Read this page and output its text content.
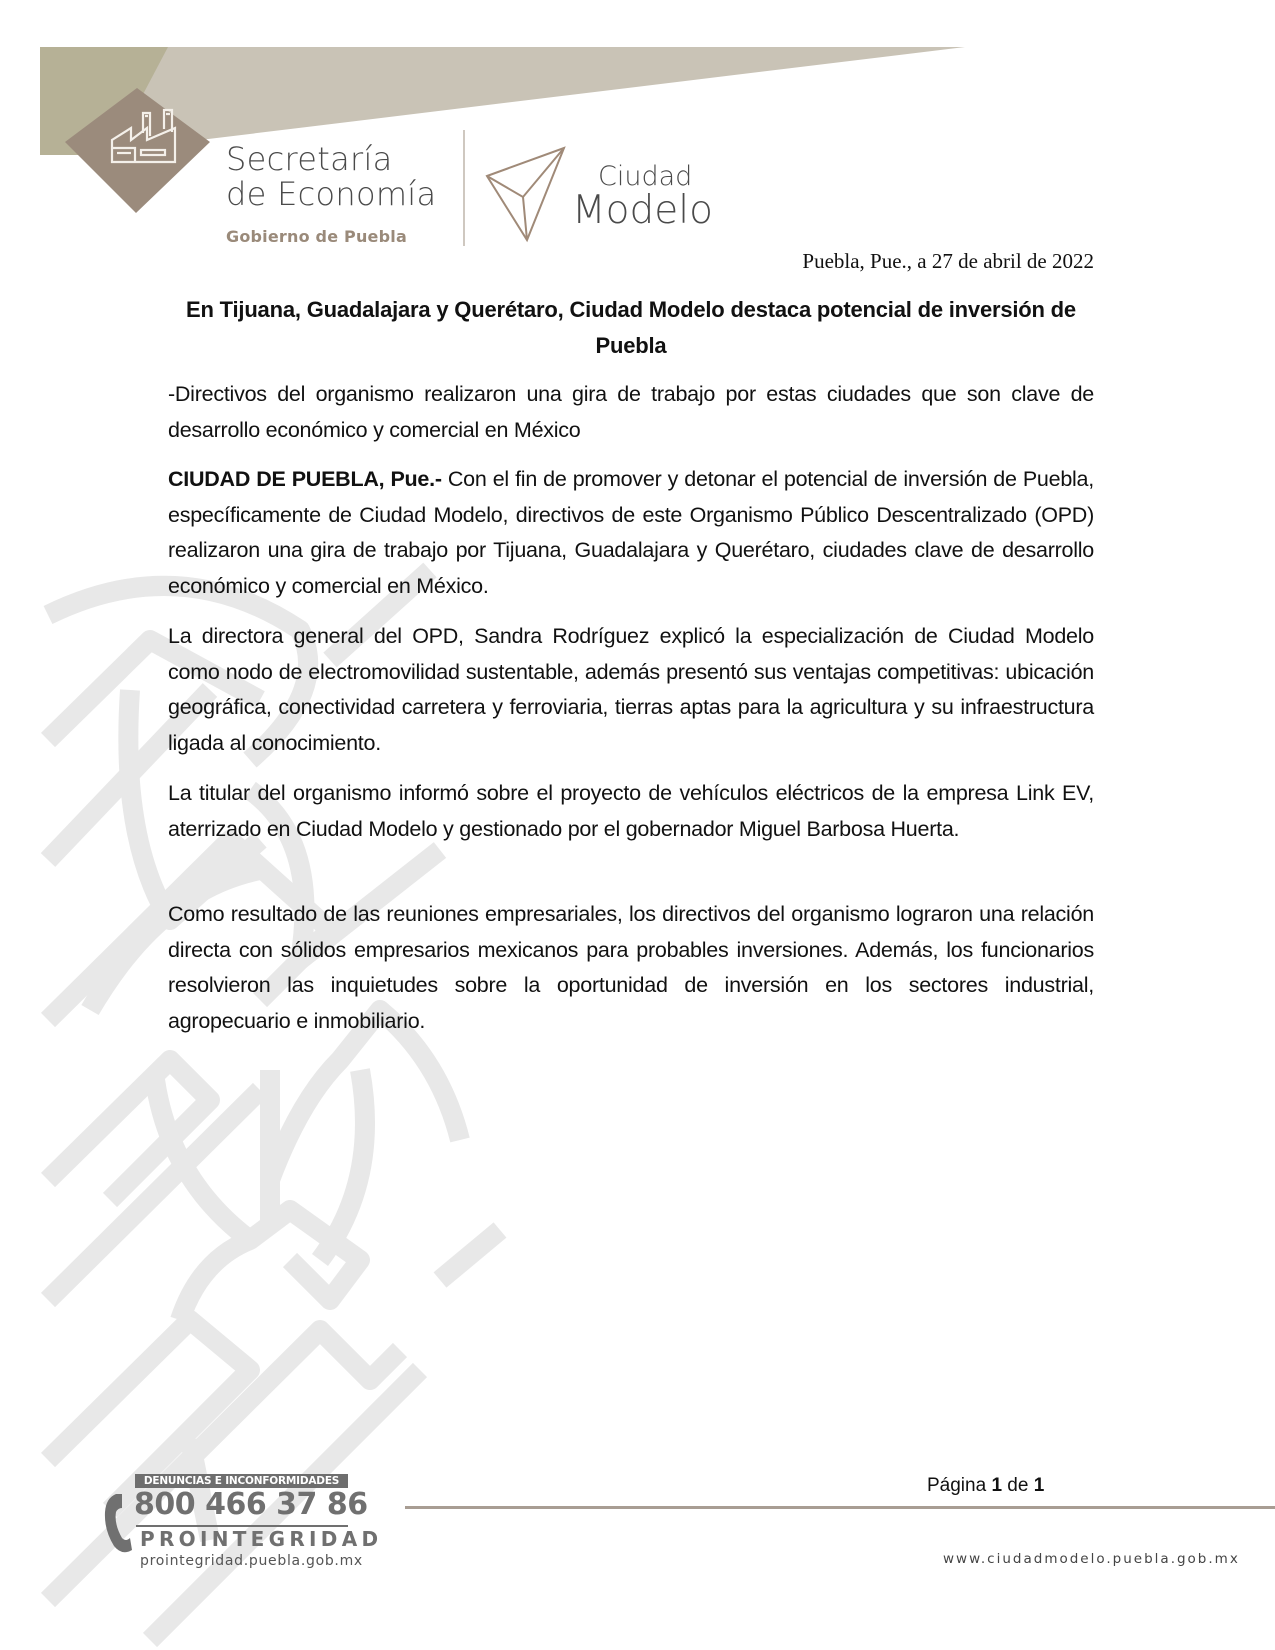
Secretaría
de Economía
Gobierno de Puebla
Ciudad
Modelo
Puebla, Pue., a 27 de abril de 2022
En Tijuana, Guadalajara y Querétaro, Ciudad Modelo destaca potencial de inversión de Puebla
-Directivos del organismo realizaron una gira de trabajo por estas ciudades que son clave de desarrollo económico y comercial en México
CIUDAD DE PUEBLA, Pue.- Con el fin de promover y detonar el potencial de inversión de Puebla, específicamente de Ciudad Modelo, directivos de este Organismo Público Descentralizado (OPD) realizaron una gira de trabajo por Tijuana, Guadalajara y Querétaro, ciudades clave de desarrollo económico y comercial en México.
La directora general del OPD, Sandra Rodríguez explicó la especialización de Ciudad Modelo como nodo de electromovilidad sustentable, además presentó sus ventajas competitivas: ubicación geográfica, conectividad carretera y ferroviaria, tierras aptas para la agricultura y su infraestructura ligada al conocimiento.
La titular del organismo informó sobre el proyecto de vehículos eléctricos de la empresa Link EV, aterrizado en Ciudad Modelo y gestionado por el gobernador Miguel Barbosa Huerta.
Como resultado de las reuniones empresariales, los directivos del organismo lograron una relación directa con sólidos empresarios mexicanos para probables inversiones. Además, los funcionarios resolvieron las inquietudes sobre la oportunidad de inversión en los sectores industrial, agropecuario e inmobiliario.
Página 1 de 1
www.ciudadmodelo.puebla.gob.mx
DENUNCIAS E INCONFORMIDADES
800 466 37 86
PROINTEGRIDAD
prointegridad.puebla.gob.mx
